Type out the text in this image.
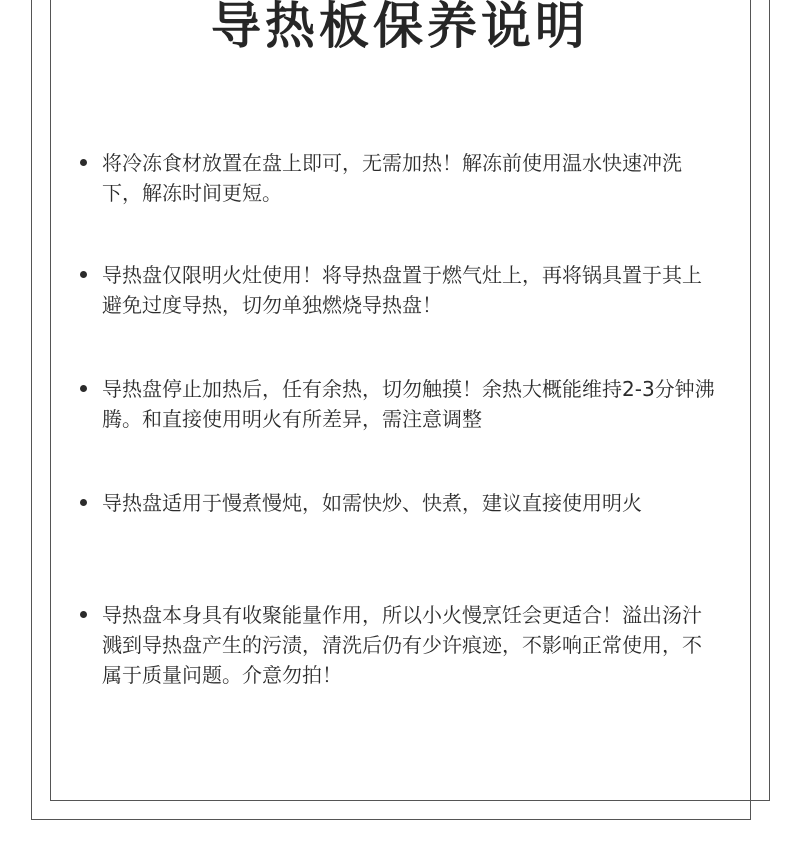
导热板保养说明
将冷冻食材放置在盘上即可，无需加热！解冻前使用温水快速冲洗下，解冻时间更短。
导热盘仅限明火灶使用！将导热盘置于燃气灶上，再将锅具置于其上避免过度导热，切勿单独燃烧导热盘！
导热盘停止加热后，任有余热，切勿触摸！余热大概能维持2-3分钟沸腾。和直接使用明火有所差异，需注意调整
导热盘适用于慢煮慢炖，如需快炒、快煮，建议直接使用明火
导热盘本身具有收聚能量作用，所以小火慢烹饪会更适合！溢出汤汁溅到导热盘产生的污渍，清洗后仍有少许痕迹，不影响正常使用，不属于质量问题。介意勿拍！
